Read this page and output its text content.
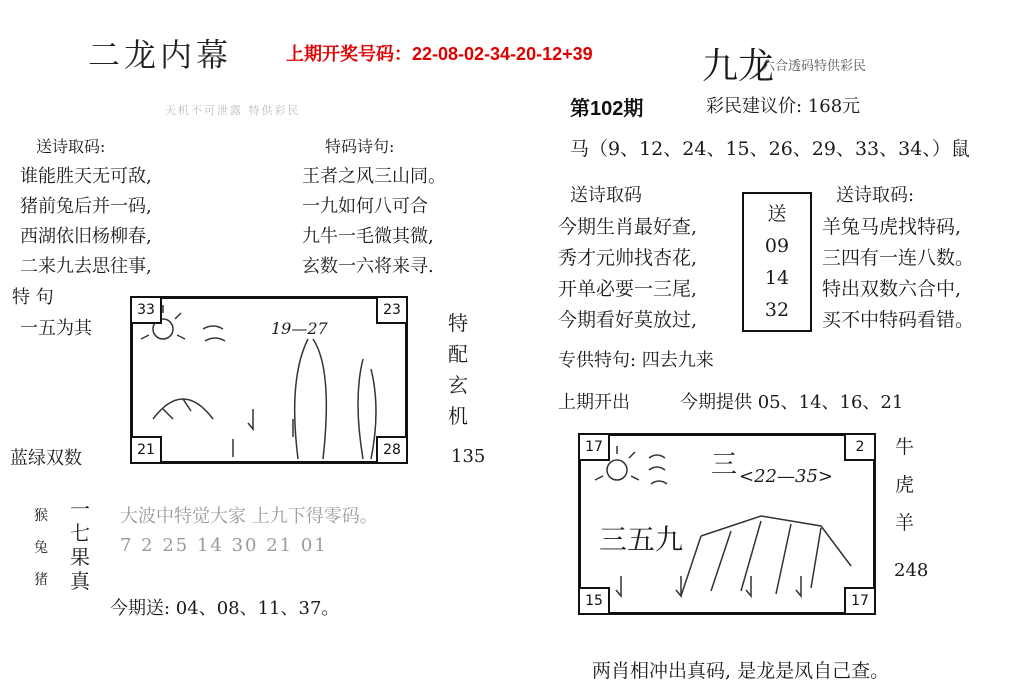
二龙内幕
天机不可泄露 特供彩民
上期开奖号码：22-08-02-34-20-12+39	九龙
六合透码特供彩民
送诗取码:	特码诗句:
谁能胜天无可敌,
猪前兔后并一码,
西湖依旧杨柳春,
二来九去思往事,
王者之风三山同。
一九如何八可合
九牛一毛微其微,
玄数一六将来寻.
特 句
一五为其
33	23
21	28
19—27	特
配
玄
机
蓝绿双数	135
猴
兔
猪
一
七
果
真
大波中特觉大家 上九下得零码。
7 2 25 14 30 21 01
今期送: 04、08、11、37。
第102期	彩民建议价: 168元
马（9、12、24、15、26、29、33、34、）鼠
送诗取码	送诗取码:
今期生肖最好查,
秀才元帅找杏花,
开单必要一三尾,
今期看好莫放过,
送
09
14
32
羊兔马虎找特码,
三四有一连八数。
特出双数六合中,
买不中特码看错。
专供特句: 四去九来
上期开出	今期提供 05、14、16、21
17	2
15	17
三 <22—35>
三五九
牛
虎
羊
248
两肖相冲出真码, 是龙是凤自己查。
